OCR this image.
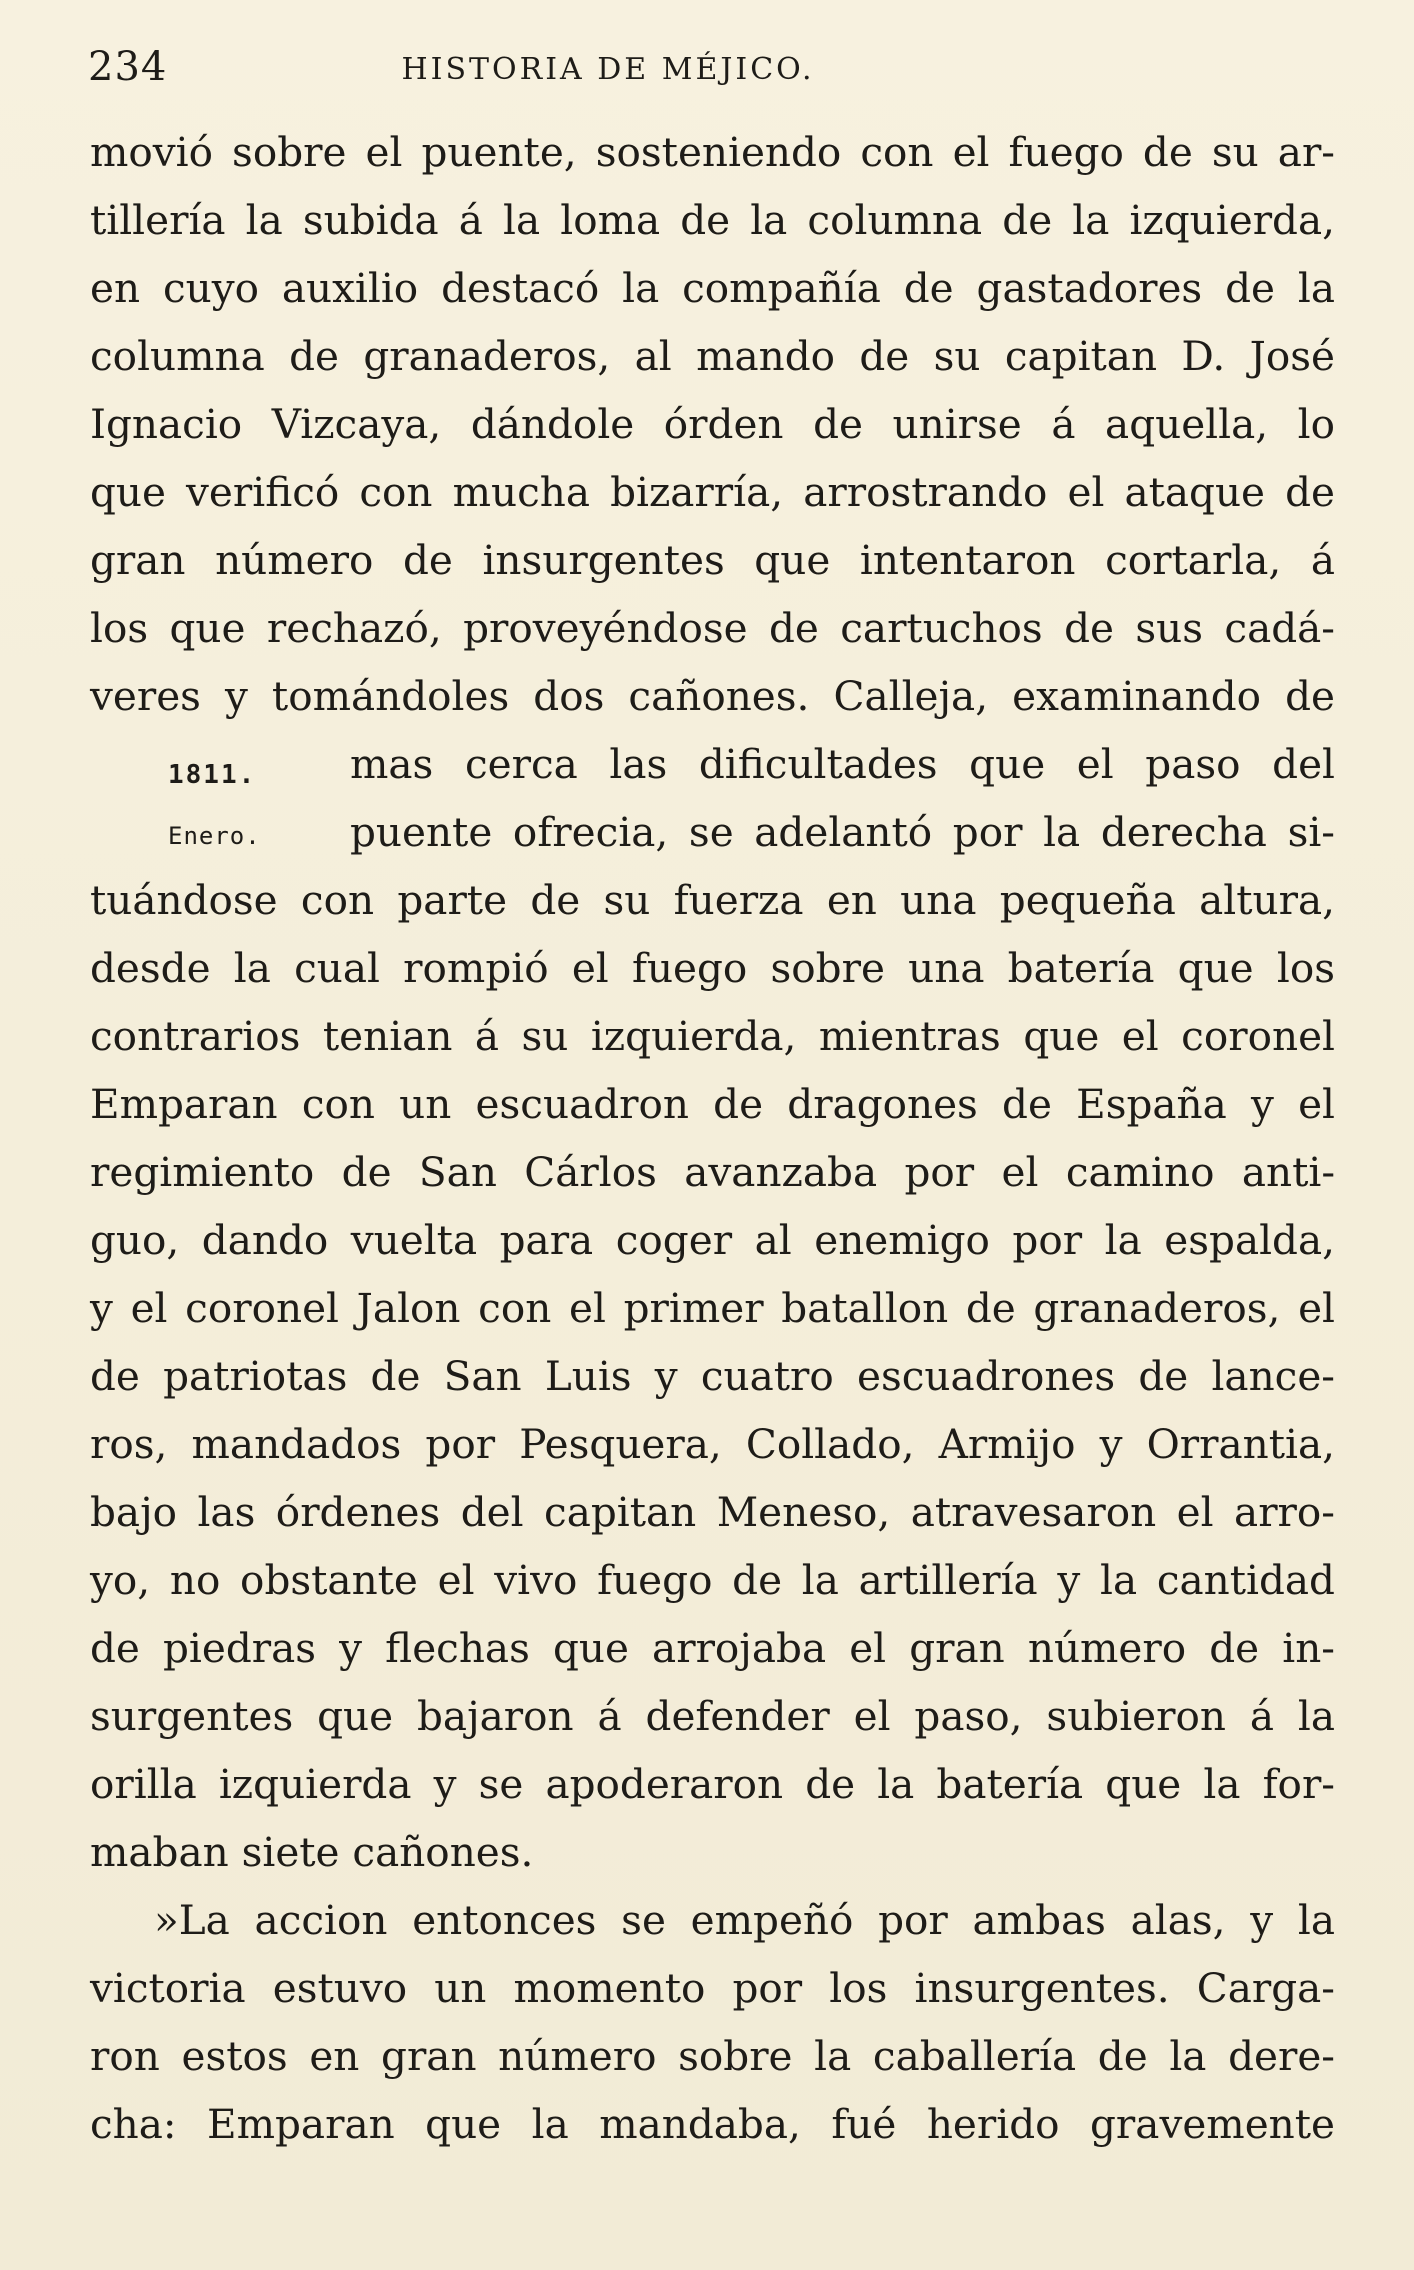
234	HISTORIA DE MÉJICO.
1811.
Enero.
movió sobre el puente, sosteniendo con el fuego de su ar-
tillería la subida á la loma de la columna de la izquierda,
en cuyo auxilio destacó la compañía de gastadores de la
columna de granaderos, al mando de su capitan D. José
Ignacio Vizcaya, dándole órden de unirse á aquella, lo
que verificó con mucha bizarría, arrostrando el ataque de
gran número de insurgentes que intentaron cortarla, á
los que rechazó, proveyéndose de cartuchos de sus cadá-
veres y tomándoles dos cañones. Calleja, examinando de
mas cerca las dificultades que el paso del
puente ofrecia, se adelantó por la derecha si-
tuándose con parte de su fuerza en una pequeña altura,
desde la cual rompió el fuego sobre una batería que los
contrarios tenian á su izquierda, mientras que el coronel
Emparan con un escuadron de dragones de España y el
regimiento de San Cárlos avanzaba por el camino anti-
guo, dando vuelta para coger al enemigo por la espalda,
y el coronel Jalon con el primer batallon de granaderos, el
de patriotas de San Luis y cuatro escuadrones de lance-
ros, mandados por Pesquera, Collado, Armijo y Orrantia,
bajo las órdenes del capitan Meneso, atravesaron el arro-
yo, no obstante el vivo fuego de la artillería y la cantidad
de piedras y flechas que arrojaba el gran número de in-
surgentes que bajaron á defender el paso, subieron á la
orilla izquierda y se apoderaron de la batería que la for-
maban siete cañones.
»La accion entonces se empeñó por ambas alas, y la
victoria estuvo un momento por los insurgentes. Carga-
ron estos en gran número sobre la caballería de la dere-
cha: Emparan que la mandaba, fué herido gravemente
